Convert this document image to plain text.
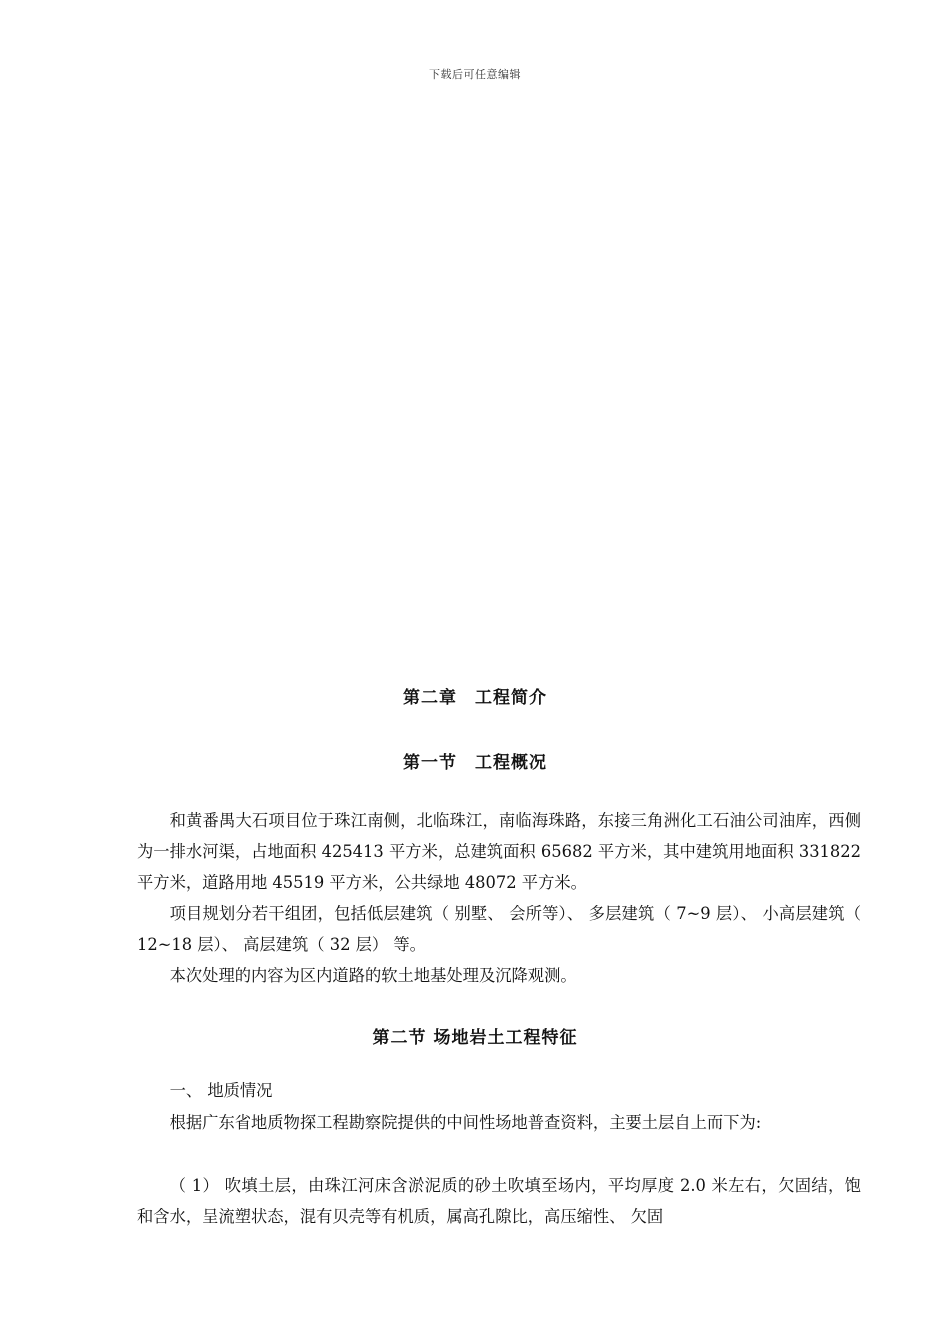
下载后可任意编辑
第二章　工程简介
第一节　工程概况

和黄番禺大石项目位于珠江南侧，北临珠江，南临海珠路，东接三角洲化工石油公司油库，西侧为一排水河渠，占地面积 425413 平方米，总建筑面积 65682 平方米，其中建筑用地面积 331822 平方米，道路用地 45519 平方米，公共绿地 48072 平方米。

项目规划分若干组团，包括低层建筑（ 别墅、 会所等）、 多层建筑（ 7~9 层）、 小高层建筑（ 12~18 层）、 高层建筑（ 32 层） 等。

本次处理的内容为区内道路的软土地基处理及沉降观测。

第二节 场地岩土工程特征

一、 地质情况

根据广东省地质物探工程勘察院提供的中间性场地普查资料，主要土层自上而下为:

（ 1） 吹填土层，由珠江河床含淤泥质的砂土吹填至场内，平均厚度 2.0 米左右，欠固结，饱和含水，呈流塑状态，混有贝壳等有机质，属高孔隙比，高压缩性、 欠固
